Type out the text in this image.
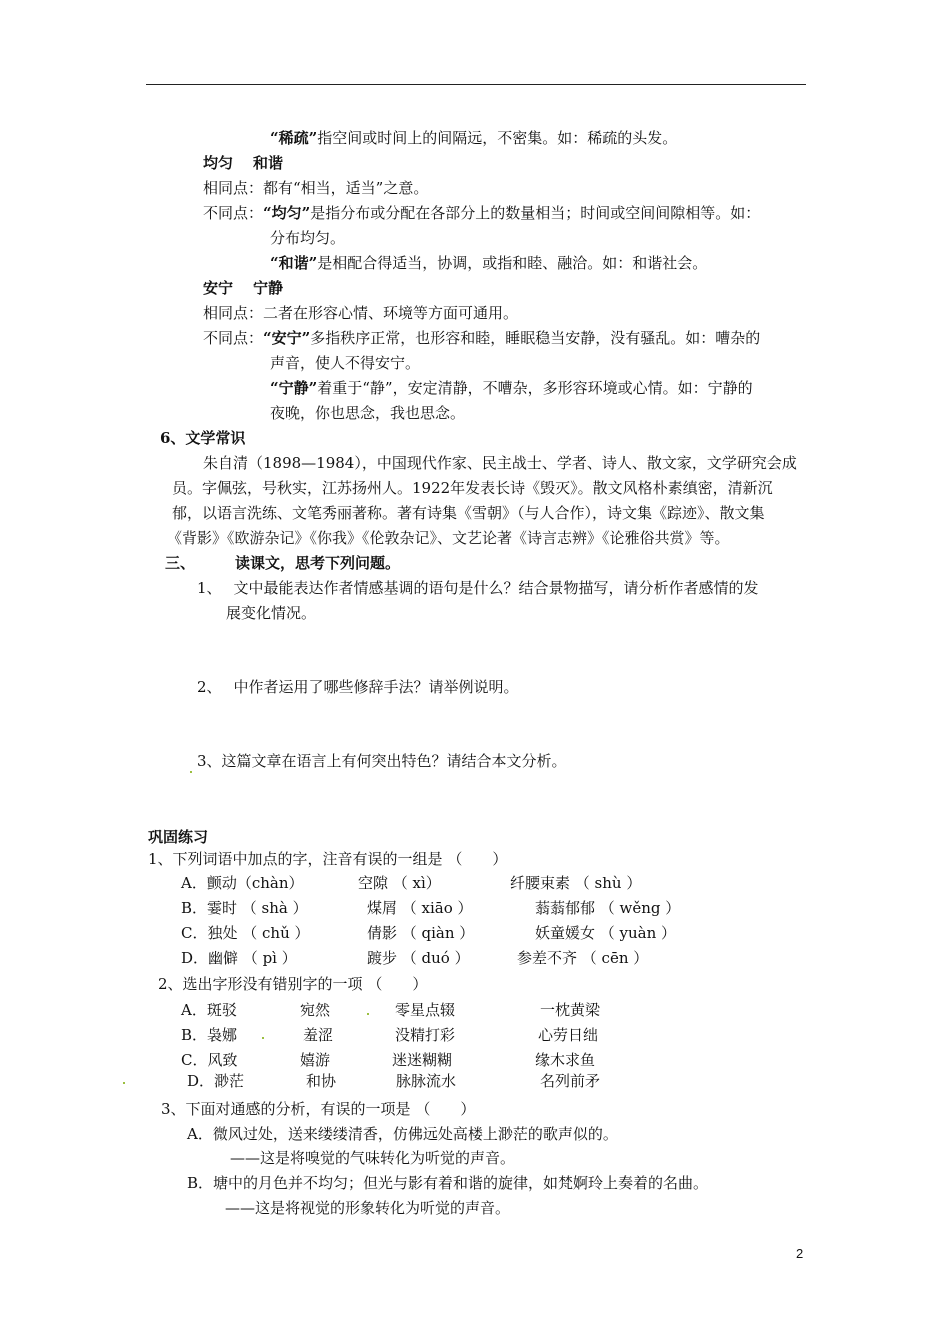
“稀疏”指空间或时间上的间隔远，不密集。如：稀疏的头发。
均匀 和谐
相同点：都有“相当，适当”之意。
不同点：“均匀”是指分布或分配在各部分上的数量相当；时间或空间间隙相等。如：
分布均匀。
“和谐”是相配合得适当，协调，或指和睦、融洽。如：和谐社会。
安宁 宁静
相同点：二者在形容心情、环境等方面可通用。
不同点：“安宁”多指秩序正常，也形容和睦，睡眠稳当安静，没有骚乱。如：嘈杂的
声音，使人不得安宁。
“宁静”着重于“静”，安定清静，不嘈杂，多形容环境或心情。如：宁静的
夜晚，你也思念，我也思念。
6、文学常识
朱自清（1898—1984），中国现代作家、民主战士、学者、诗人、散文家，文学研究会成
员。字佩弦，号秋实，江苏扬州人。1922年发表长诗《毁灭》。散文风格朴素缜密，清新沉
郁，以语言洗练、文笔秀丽著称。著有诗集《雪朝》（与人合作），诗文集《踪迹》、散文集
《背影》《欧游杂记》《你我》《伦敦杂记》、文艺论著《诗言志辨》《论雅俗共赏》等。
三、	读课文，思考下列问题。
1、 文中最能表达作者情感基调的语句是什么？结合景物描写，请分析作者感情的发
展变化情况。
2、 中作者运用了哪些修辞手法？请举例说明。
3、这篇文章在语言上有何突出特色？请结合本文分析。
巩固练习
1、下列词语中加点的字，注音有误的一组是 （　　）
A．颤动（chàn）	空隙 （ xì）	纤腰束素 （ shù ）
B．霎时 （ shà ）	煤屑 （ xiāo ）	蓊蓊郁郁 （ wěng ）
C．独处 （ chǔ ）	倩影 （ qiàn ）	妖童媛女 （ yuàn ）
D．幽僻 （ pì ）	踱步 （ duó ）	参差不齐 （ cēn ）
2、选出字形没有错别字的一项 （　　）
A．斑驳	宛然	零星点辍	一枕黄梁
B．袅娜	羞涩	没精打彩	心劳日绌
C．风致	嬉游	迷迷糊糊	缘木求鱼
D．渺茫	和协	脉脉流水	名列前矛
3、下面对通感的分析，有误的一项是 （　　）
A．微风过处，送来缕缕清香，仿佛远处高楼上渺茫的歌声似的。
——这是将嗅觉的气味转化为听觉的声音。
B．塘中的月色并不均匀；但光与影有着和谐的旋律，如梵婀玲上奏着的名曲。
——这是将视觉的形象转化为听觉的声音。
2
